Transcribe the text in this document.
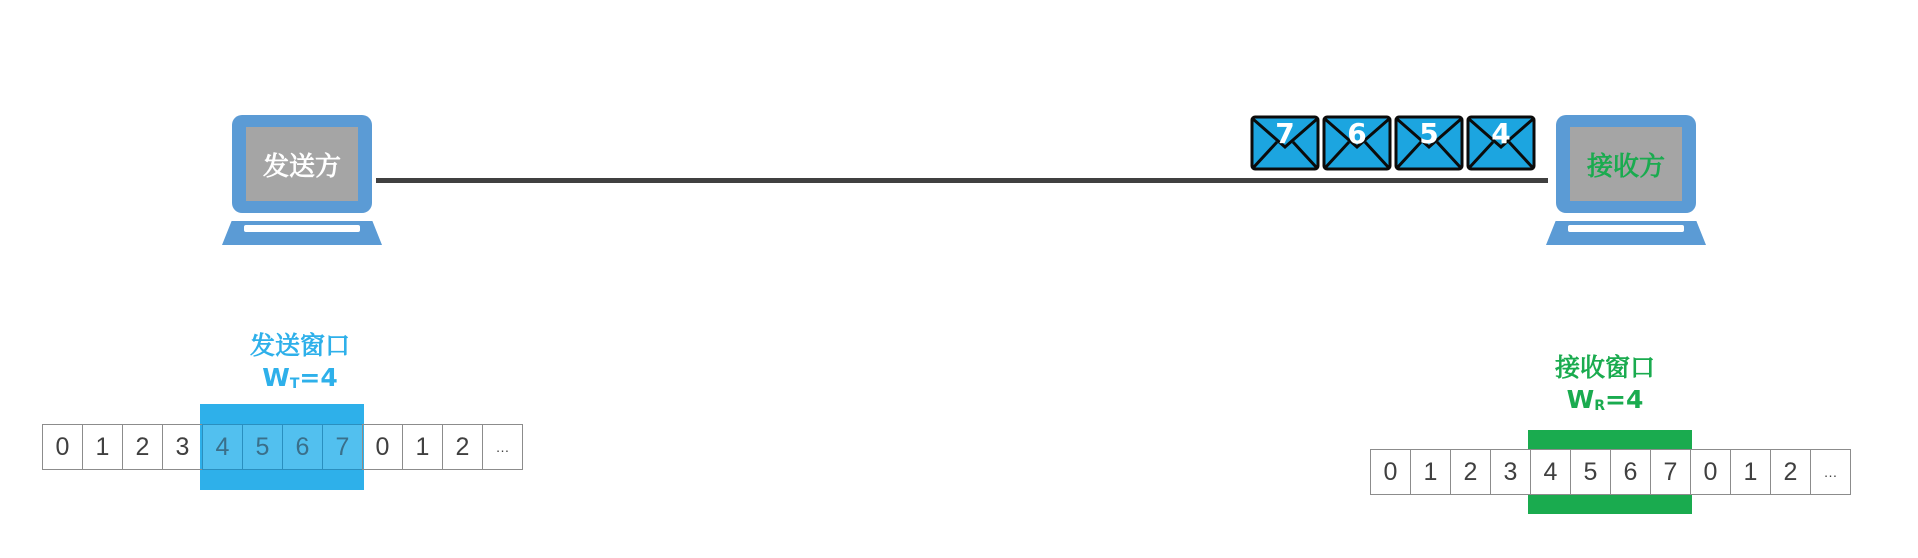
发送方	接收方
7	6	5	4
发送窗口
WT=4
0	1	2	3	4	5	6	7	0	1	2	…
接收窗口
WR=4
0	1	2	3	4	5	6	7	0	1	2	…
